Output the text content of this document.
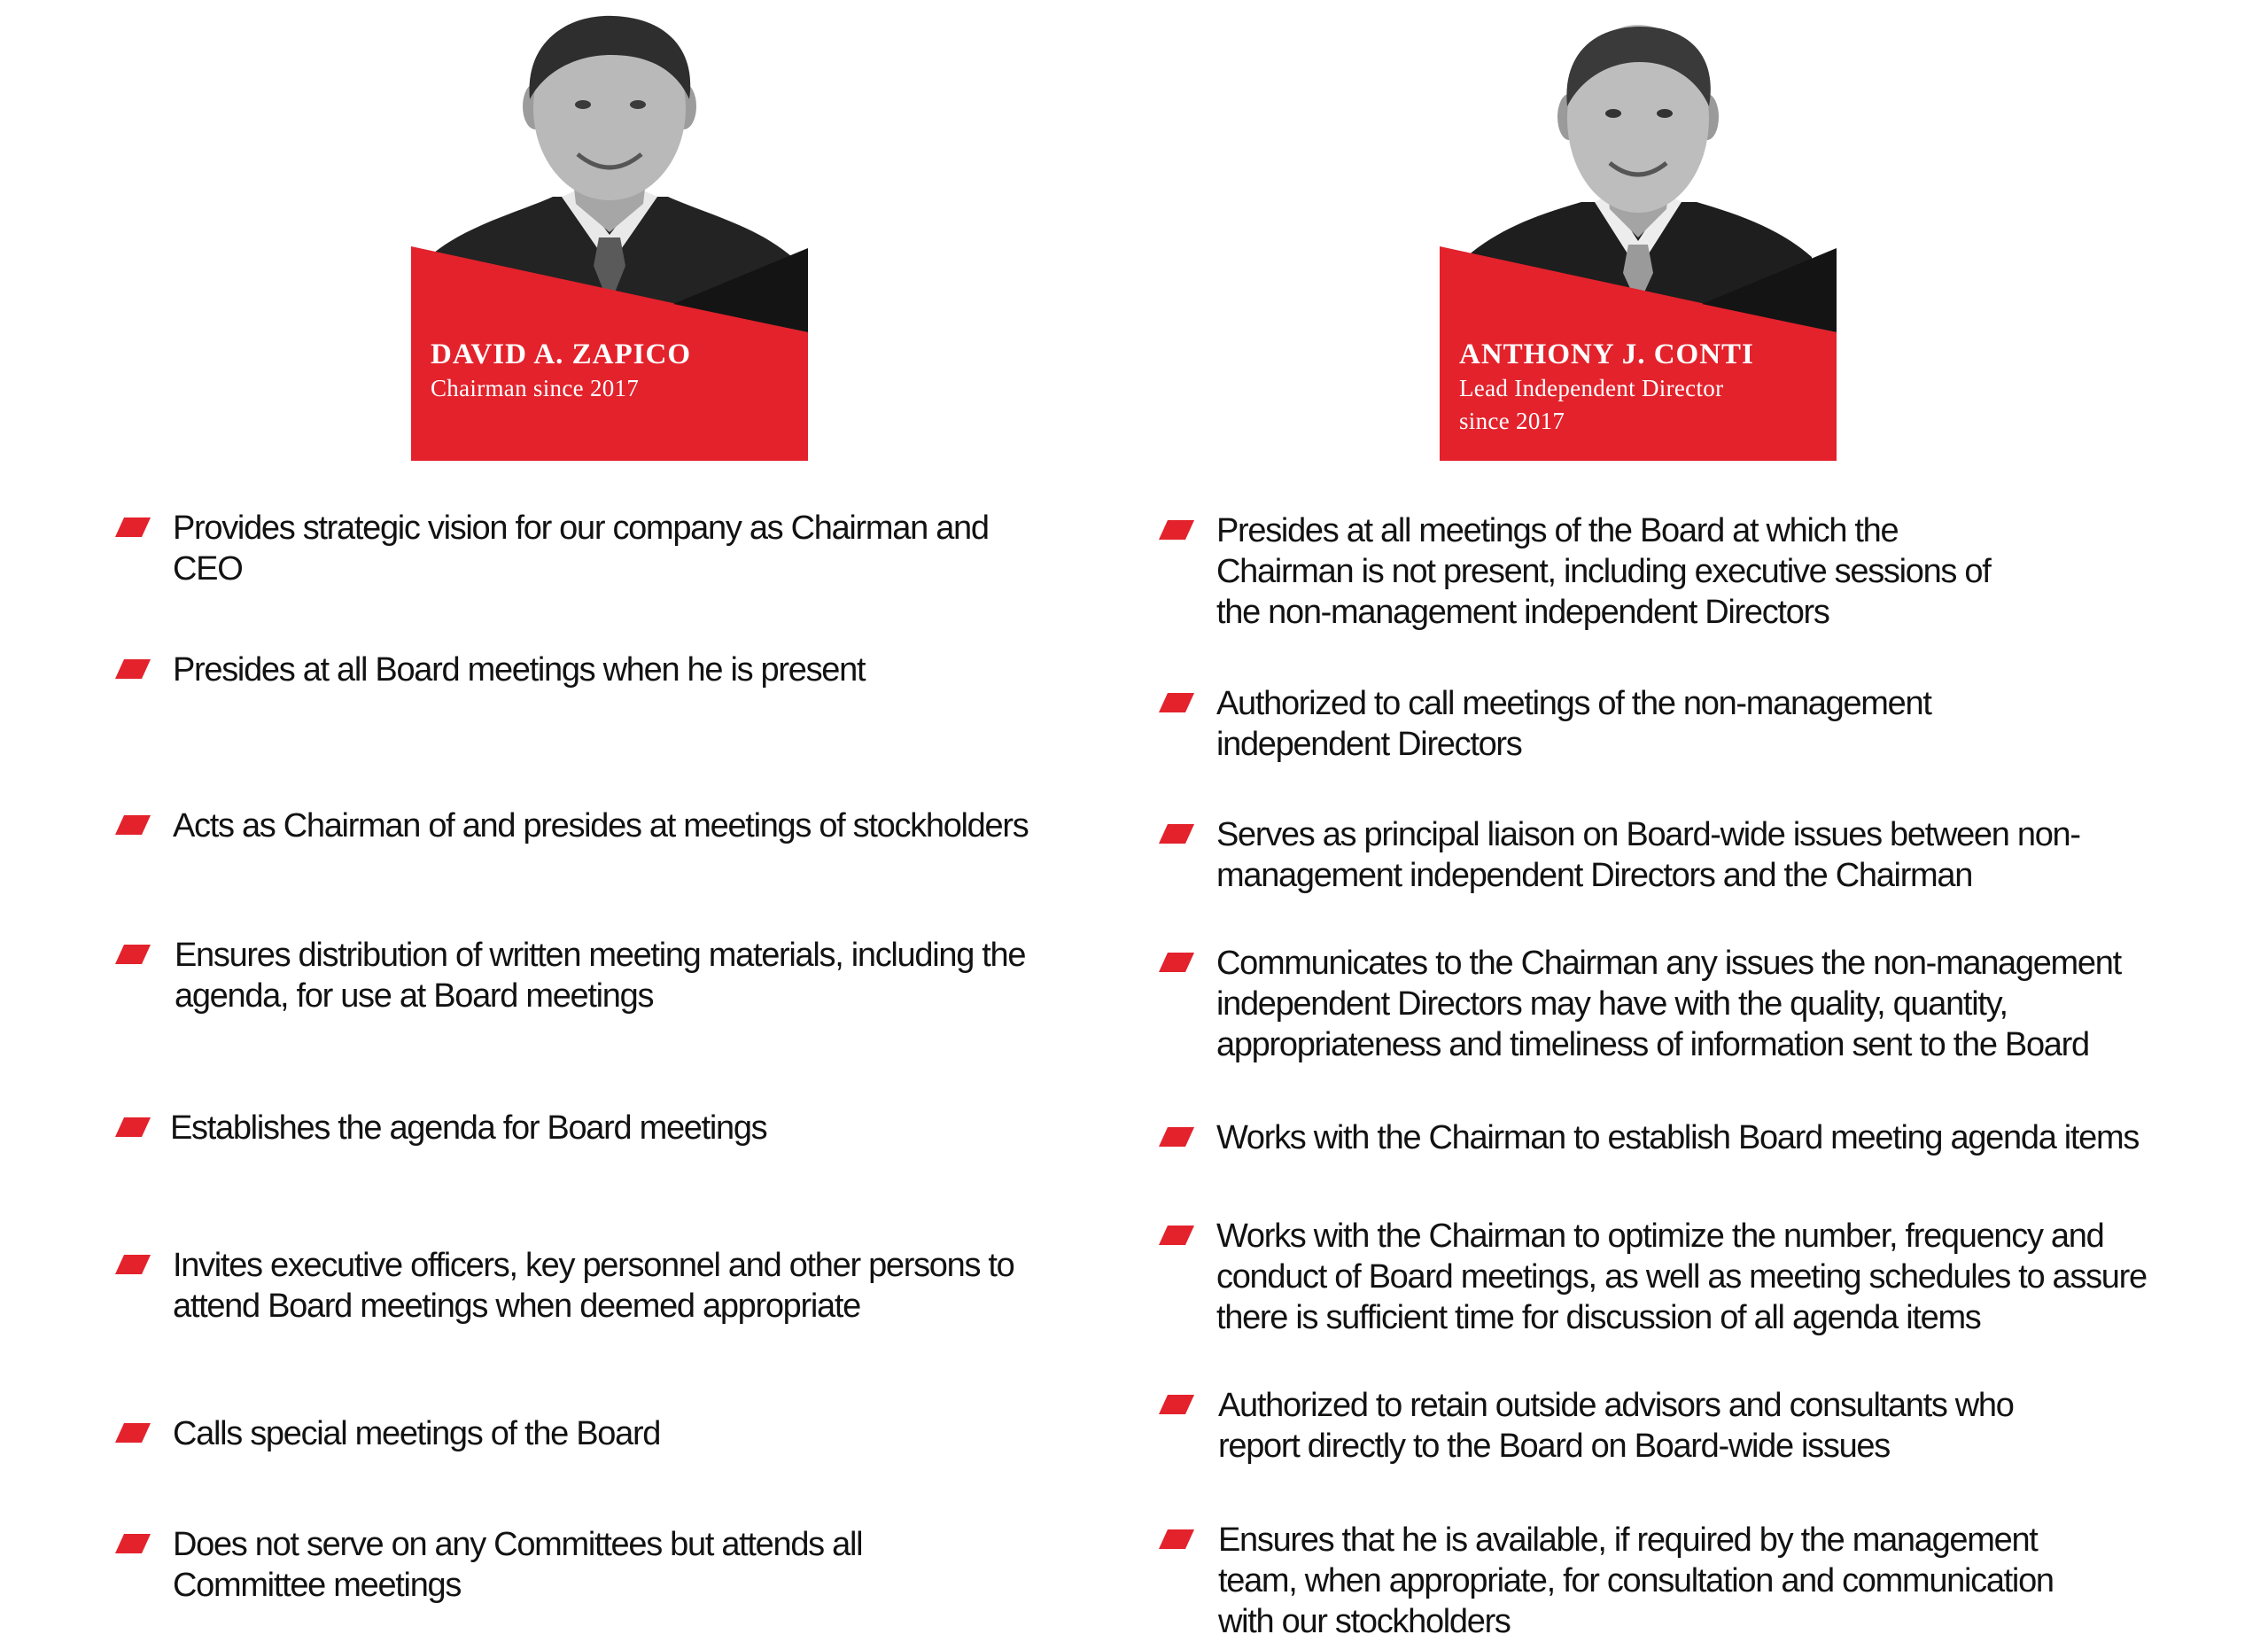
DAVID A. ZAPICO
Chairman since 2017
ANTHONY J. CONTI
Lead Independent Director since 2017
Provides strategic vision for our company as Chairman and CEO
Presides at all Board meetings when he is present
Acts as Chairman of and presides at meetings of stockholders
Ensures distribution of written meeting materials, including the agenda, for use at Board meetings
Establishes the agenda for Board meetings
Invites executive officers, key personnel and other persons to attend Board meetings when deemed appropriate
Calls special meetings of the Board
Does not serve on any Committees but attends all Committee meetings
Presides at all meetings of the Board at which the Chairman is not present, including executive sessions of the non-management independent Directors
Authorized to call meetings of the non-management independent Directors
Serves as principal liaison on Board-wide issues between non-management independent Directors and the Chairman
Communicates to the Chairman any issues the non-management independent Directors may have with the quality, quantity, appropriateness and timeliness of information sent to the Board
Works with the Chairman to establish Board meeting agenda items
Works with the Chairman to optimize the number, frequency and conduct of Board meetings, as well as meeting schedules to assure there is sufficient time for discussion of all agenda items
Authorized to retain outside advisors and consultants who report directly to the Board on Board-wide issues
Ensures that he is available, if required by the management team, when appropriate, for consultation and communication with our stockholders
